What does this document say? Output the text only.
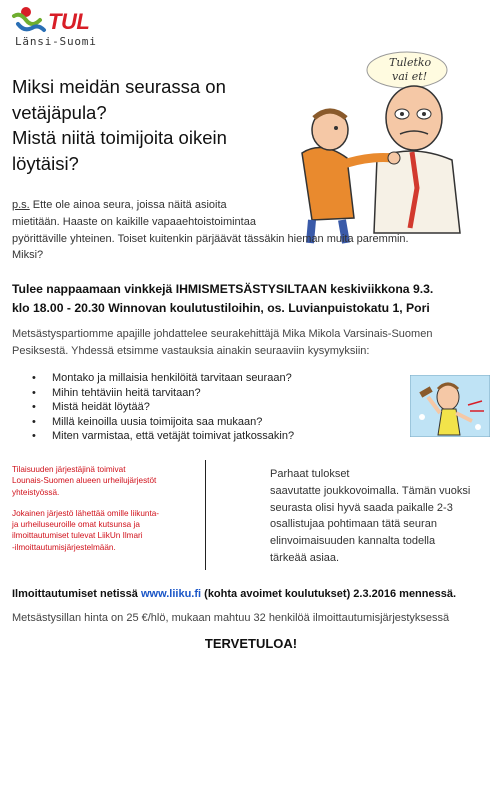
TUL
Länsi-Suomi
Tuletko
vai et!
Miksi meidän seurassa on
vetäjäpula?
Mistä niitä toimijoita oikein
löytäisi?
p.s. Ette ole ainoa seura, joissa näitä asioita
mietitään. Haaste on kaikille vapaaehtoistoimintaa
pyörittäville yhteinen. Toiset kuitenkin pärjäävät tässäkin hieman muita paremmin.
Miksi?
Tulee nappaamaan vinkkejä IHMISMETSÄSTYSILTAAN keskiviikkona 9.3.
klo 18.00 - 20.30 Winnovan koulutustiloihin, os. Luvianpuistokatu 1, Pori
Metsästyspartiomme apajille johdattelee seurakehittäjä Mika Mikola Varsinais-Suomen
Pesiksestä. Yhdessä etsimme vastauksia ainakin seuraaviin kysymyksiin:
• Montako ja millaisia henkilöitä tarvitaan seuraan?
• Mihin tehtäviin heitä tarvitaan?
• Mistä heidät löytää?
• Millä keinoilla uusia toimijoita saa mukaan?
• Miten varmistaa, että vetäjät toimivat jatkossakin?

Tilaisuuden järjestäjinä toimivat
Lounais-Suomen alueen urheilujärjestöt
yhteistyössä.

Jokainen järjestö lähettää omille liikunta-
ja urheiluseuroille omat kutsunsa ja
ilmoittautumiset tulevat LiikUn Ilmari
-ilmoittautumisjärjestelmään.

Parhaat tulokset
saavutatte joukkovoimalla. Tämän vuoksi
seurasta olisi hyvä saada paikalle 2-3
osallistujaa pohtimaan tätä seuran
elinvoimaisuuden kannalta todella
tärkeää asiaa.
Ilmoittautumiset netissä www.liiku.fi (kohta avoimet koulutukset) 2.3.2016 mennessä.
Metsästysillan hinta on 25 €/hlö, mukaan mahtuu 32 henkilöä ilmoittautumisjärjestyksessä
TERVETULOA!
